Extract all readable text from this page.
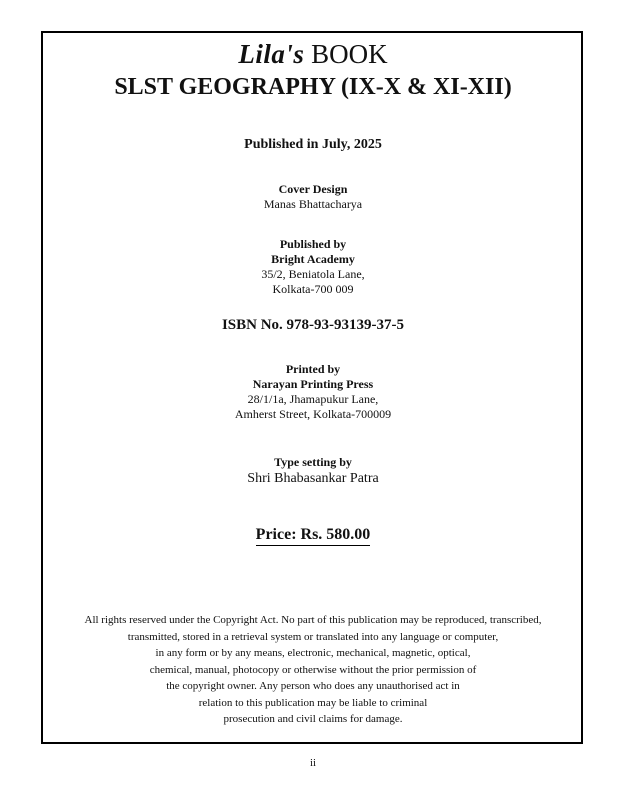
Lila's BOOK
SLST GEOGRAPHY (IX-X & XI-XII)
Published in July, 2025
Cover Design
Manas Bhattacharya
Published by
Bright Academy
35/2, Beniatola Lane,
Kolkata-700 009
ISBN No. 978-93-93139-37-5
Printed by
Narayan Printing Press
28/1/1a, Jhamapukur Lane,
Amherst Street, Kolkata-700009
Type setting by
Shri Bhabasankar Patra
Price: Rs. 580.00
All rights reserved under the Copyright Act. No part of this publication may be reproduced, transcribed,
transmitted, stored in a retrieval system or translated into any language or computer,
in any form or by any means, electronic, mechanical, magnetic, optical,
chemical, manual, photocopy or otherwise without the prior permission of
the copyright owner. Any person who does any unauthorised act in
relation to this publication may be liable to criminal
prosecution and civil claims for damage.
ii
